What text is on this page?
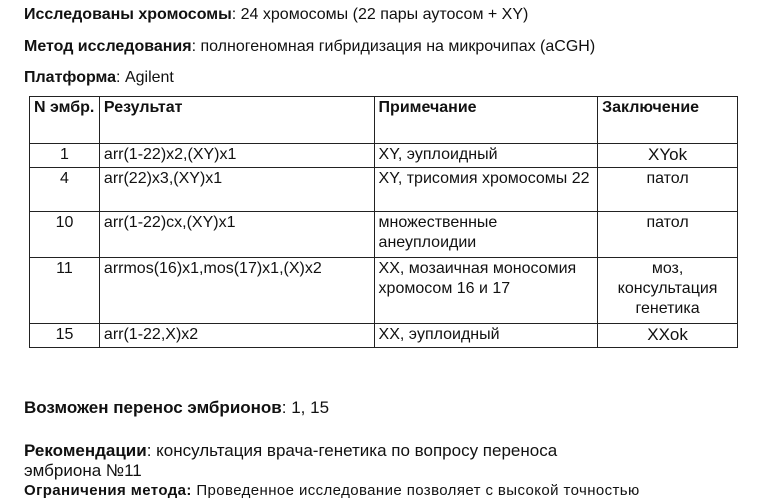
Исследованы хромосомы: 24 хромосомы (22 пары аутосом + XY)
Метод исследования: полногеномная гибридизация на микрочипах (aCGH)
Платформа: Agilent
N эмбр.	Результат	Примечание	Заключение
1	arr(1-22)x2,(XY)x1	XY, эуплоидный	XYok
4	arr(22)x3,(XY)x1	XY, трисомия хромосомы 22	патол
10	arr(1-22)cx,(XY)x1	множественные анеуплоидии	патол
11	arrmos(16)x1,mos(17)x1,(X)x2	XX, мозаичная моносомия хромосом 16 и 17	моз, консультация генетика
15	arr(1-22,X)x2	XX, эуплоидный	XXok
Возможен перенос эмбрионов: 1, 15
Рекомендации: консультация врача-генетика по вопросу переноса
эмбриона №11
Ограничения метода: Проведенное исследование позволяет с высокой точностью
